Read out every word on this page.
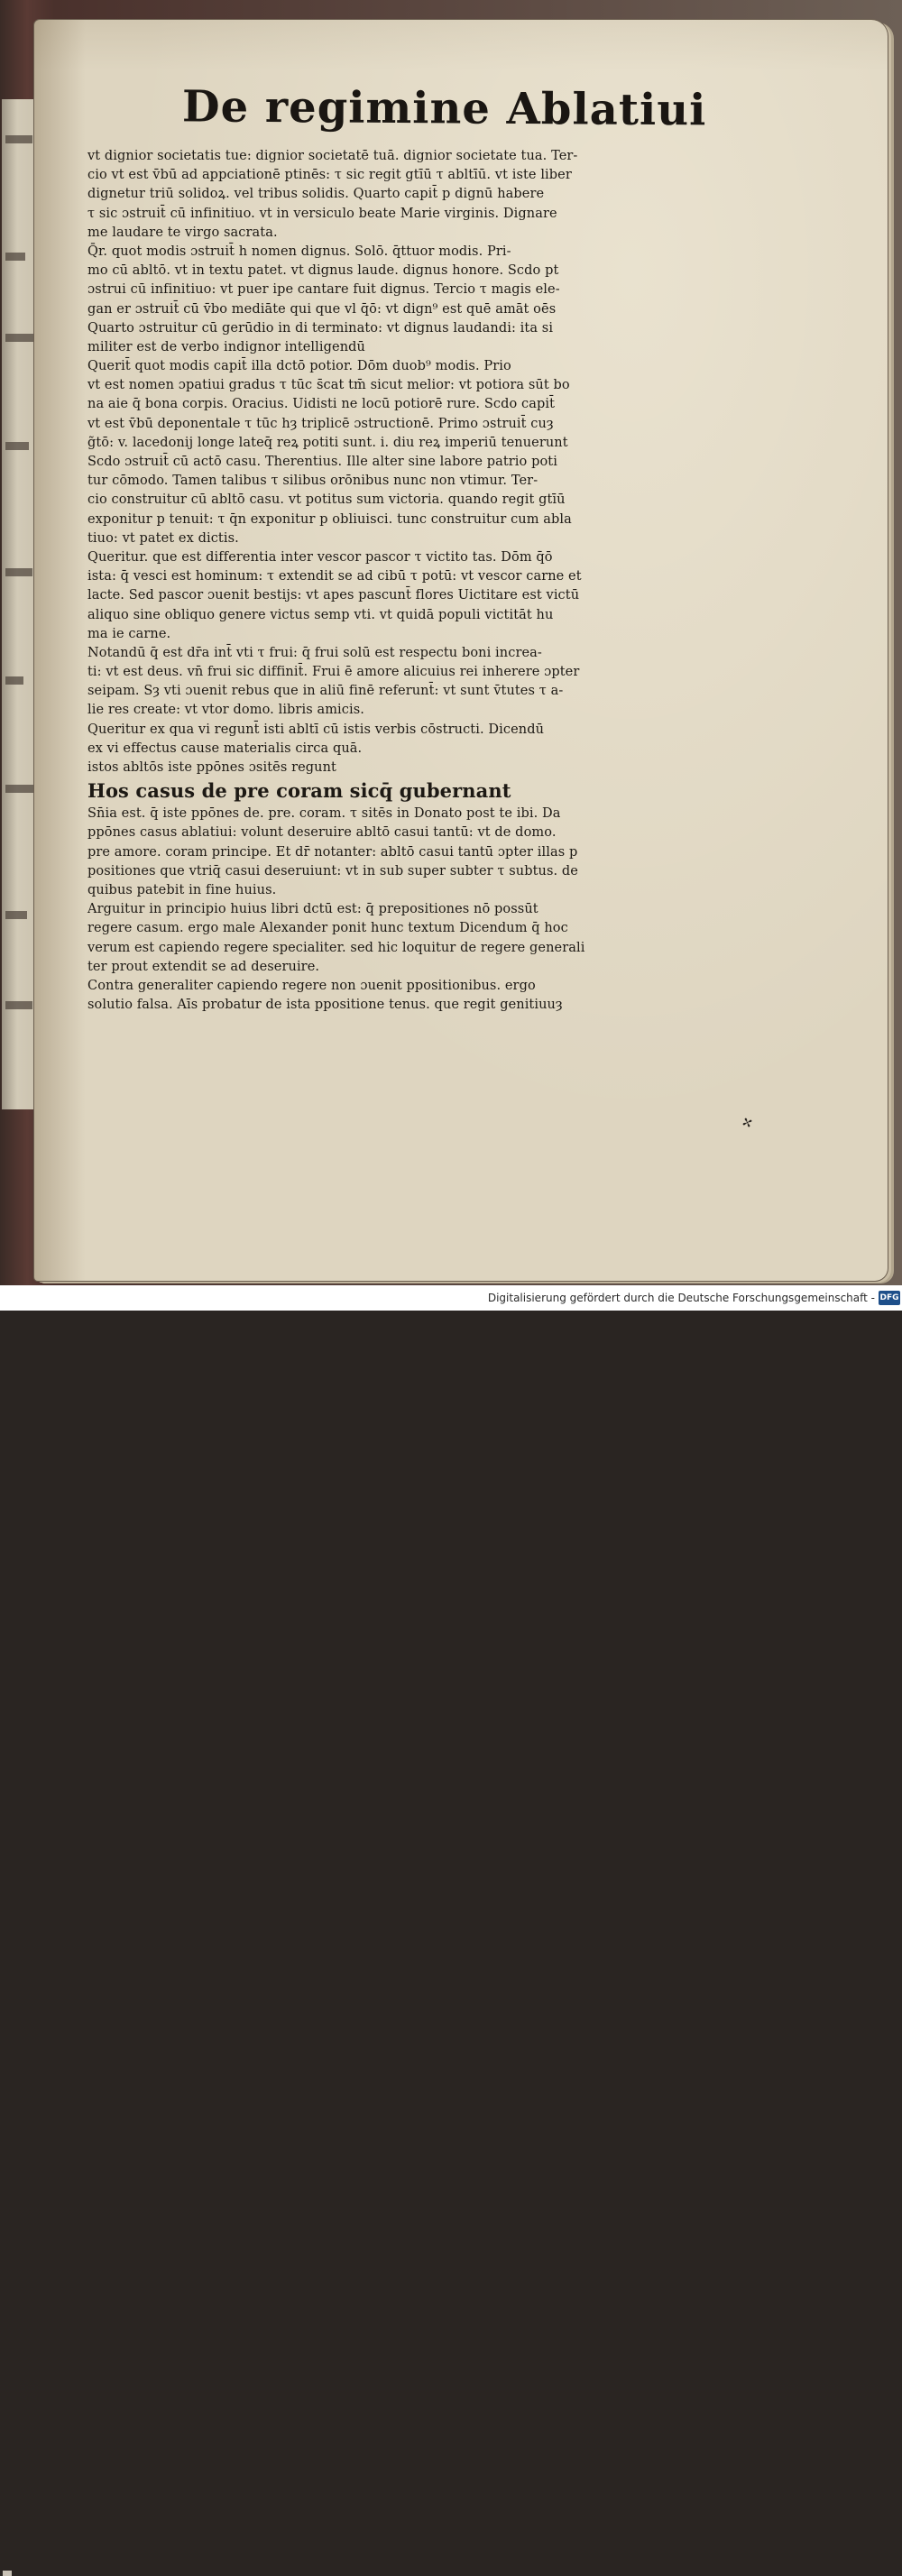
De regimine Ablatiui
vt dignior societatis tue: dignior societatē tuā. dignior societate tua. Ter-
cio vt est v̄bū ad appciationē ptinēs: τ sic regit gtīū τ abltīū. vt iste liber
dignetur triū solidoꝝ. vel tribus solidis. Quarto capit̄ p dignū habere
τ sic ɔstruit̄ cū infinitiuo. vt in versiculo beate Marie virginis. Dignare
me laudare te virgo sacrata.
Q̄r. quot modis ɔstruit̄ h nomen dignus. Solō. q̄ttuor modis. Pri-
mo cū abltō. vt in textu patet. vt dignus laude. dignus honore. Scdo pt
ɔstrui cū infinitiuo: vt puer ipe cantare fuit dignus. Tercio τ magis ele-
gan er ɔstruit̄ cū v̄bo mediāte qui que vl q̄ō: vt dign⁹ est quē amāt oēs
Quarto ɔstruitur cū gerūdio in di terminato: vt dignus laudandi: ita si
militer est de verbo indignor intelligendū
Querit̄ quot modis capit̄ illa dctō potior. Dōm duob⁹ modis. Prio
vt est nomen ɔpatiui gradus τ tūc s̄cat tm̄ sicut melior: vt potiora sūt bo
na aie q̄ bona corpis. Oracius. Uidisti ne locū potiorē rure. Scdo capit̄
vt est v̄bū deponentale τ tūc hȝ triplicē ɔstructionē. Primo ɔstruit̄ cuȝ
g̃tō: v. lacedonij longe lateq̄ reꝝ potiti sunt. i. diu reꝝ imperiū tenuerunt
Scdo ɔstruit̄ cū actō casu. Therentius. Ille alter sine labore patrio poti
tur cōmodo. Tamen talibus τ silibus orōnibus nunc non vtimur. Ter-
cio construitur cū abltō casu. vt potitus sum victoria. quando regit gtīū
exponitur p tenuit: τ q̄n exponitur p obliuisci. tunc construitur cum abla
tiuo: vt patet ex dictis.
Queritur. que est differentia inter vescor pascor τ victito tas. Dōm q̄ō
ista: q̄ vesci est hominum: τ extendit se ad cibū τ potū: vt vescor carne et
lacte. Sed pascor ɔuenit bestijs: vt apes pascunt̄ flores Uictitare est victū
aliquo sine obliquo genere victus semp vti. vt quidā populi victitāt hu
ma ie carne.
Notandū q̄ est dr̄a int̄ vti τ frui: q̄ frui solū est respectu boni increa-
ti: vt est deus. vn̄ frui sic diffinit̄. Frui ē amore alicuius rei inherere ɔpter
seipam. Sȝ vti ɔuenit rebus que in aliū finē referunt̄: vt sunt v̄tutes τ a-
lie res create: vt vtor domo. libris amicis.
Queritur ex qua vi regunt̄ isti abltī cū istis verbis cōstructi. Dicendū
ex vi effectus cause materialis circa quā.
istos abltōs iste ppōnes ɔsitēs regunt
Hos casus de pre coram sicq̄ gubernant
Sn̄ia est. q̄ iste ppōnes de. pre. coram. τ sitēs in Donato post te ibi. Da
ppōnes casus ablatiui: volunt deseruire abltō casui tantū: vt de domo.
pre amore. coram principe. Et dr̄ notanter: abltō casui tantū ɔpter illas p
positiones que vtriq̄ casui deseruiunt: vt in sub super subter τ subtus. de
quibus patebit in fine huius.
Arguitur in principio huius libri dctū est: q̄ prepositiones nō possūt
regere casum. ergo male Alexander ponit hunc textum Dicendum q̄ hoc
verum est capiendo regere specialiter. sed hic loquitur de regere generali
ter prout extendit se ad deseruire.
Contra generaliter capiendo regere non ɔuenit ppositionibus. ergo
solutio falsa. Aīs probatur de ista ppositione tenus. que regit genitiuuȝ
✢
Digitalisierung gefördert durch die Deutsche Forschungsgemeinschaft - DFG
